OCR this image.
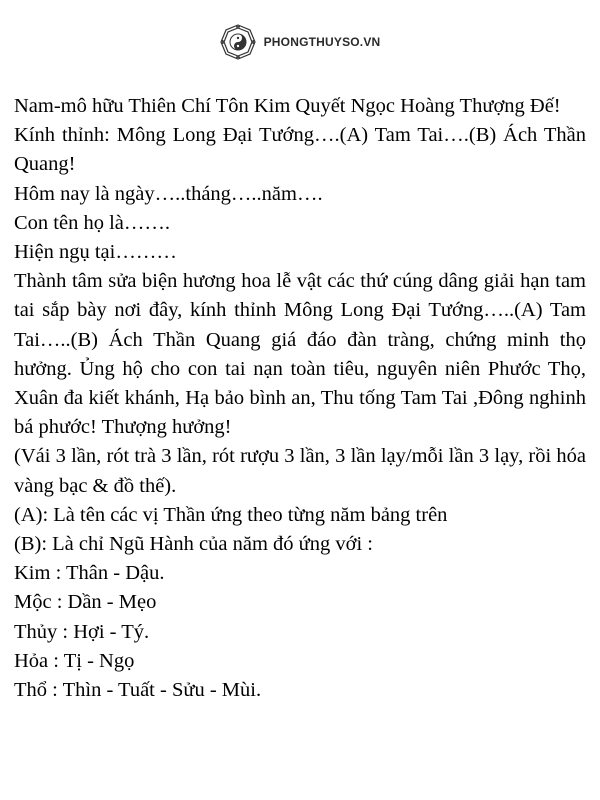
PHONGTHUYSO.VN

Nam-mô hữu Thiên Chí Tôn Kim Quyết Ngọc Hoàng Thượng Đế!

Kính thỉnh: Mông Long Đại Tướng….(A) Tam Tai….(B) Ách Thần Quang!

Hôm nay là ngày…..tháng…..năm….

Con tên họ là…….

Hiện ngụ tại………

Thành tâm sửa biện hương hoa lễ vật các thứ cúng dâng giải hạn tam tai sắp bày nơi đây, kính thỉnh Mông Long Đại Tướng…..(A) Tam Tai…..(B) Ách Thần Quang giá đáo đàn tràng, chứng minh thọ hưởng. Ủng hộ cho con tai nạn toàn tiêu, nguyên niên Phước Thọ, Xuân đa kiết khánh, Hạ bảo bình an, Thu tống Tam Tai ,Đông nghinh bá phước! Thượng hưởng!

(Vái 3 lần, rót trà 3 lần, rót rượu 3 lần, 3 lần lạy/mỗi lần 3 lạy, rồi hóa vàng bạc & đồ thế).

(A): Là tên các vị Thần ứng theo từng năm bảng trên

(B): Là chỉ Ngũ Hành của năm đó ứng với :

Kim : Thân - Dậu.

Mộc : Dần - Mẹo

Thủy : Hợi - Tý.

Hỏa : Tị - Ngọ

Thổ : Thìn - Tuất - Sửu - Mùi.
